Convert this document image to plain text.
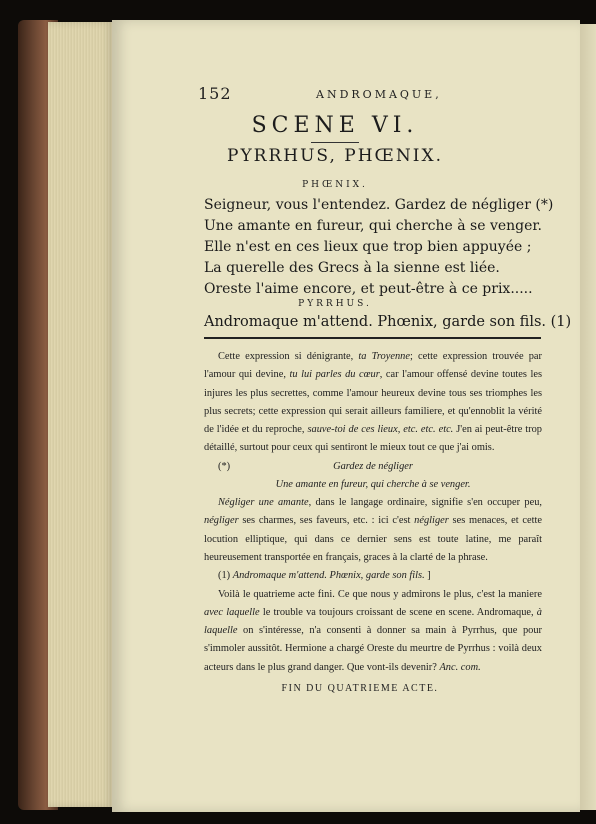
152	ANDROMAQUE,
SCENE VI.
PYRRHUS, PHŒNIX.
PHŒNIX.
Seigneur, vous l'entendez. Gardez de négliger (*)
Une amante en fureur, qui cherche à se venger.
Elle n'est en ces lieux que trop bien appuyée ;
La querelle des Grecs à la sienne est liée.
Oreste l'aime encore, et peut-être à ce prix.....
PYRRHUS.
Andromaque m'attend. Phœnix, garde son fils. (1)

Cette expression si dénigrante, ta Troyenne; cette expression trouvée par l'amour qui devine, tu lui parles du cœur, car l'amour offensé devine toutes les injures les plus secrettes, comme l'amour heureux devine tous ses triomphes les plus secrets; cette expression qui serait ailleurs familiere, et qu'ennoblit la vérité de l'idée et du reproche, sauve-toi de ces lieux, etc. etc. etc. J'en ai peut-être trop détaillé, surtout pour ceux qui sentiront le mieux tout ce que j'ai omis.

(*)	Gardez de négliger

Une amante en fureur, qui cherche à se venger.

Négliger une amante, dans le langage ordinaire, signifie s'en occuper peu, négliger ses charmes, ses faveurs, etc. : ici c'est négliger ses menaces, et cette locution elliptique, qui dans ce dernier sens est toute latine, me paraît heureusement transportée en français, graces à la clarté de la phrase.

(1) Andromaque m'attend. Phœnix, garde son fils. ]

Voilà le quatrieme acte fini. Ce que nous y admirons le plus, c'est la maniere avec laquelle le trouble va toujours croissant de scene en scene. Andromaque, à laquelle on s'intéresse, n'a consenti à donner sa main à Pyrrhus, que pour s'immoler aussitôt. Hermione a chargé Oreste du meurtre de Pyrrhus : voilà deux acteurs dans le plus grand danger. Que vont-ils devenir? Anc. com.

FIN DU QUATRIEME ACTE.
